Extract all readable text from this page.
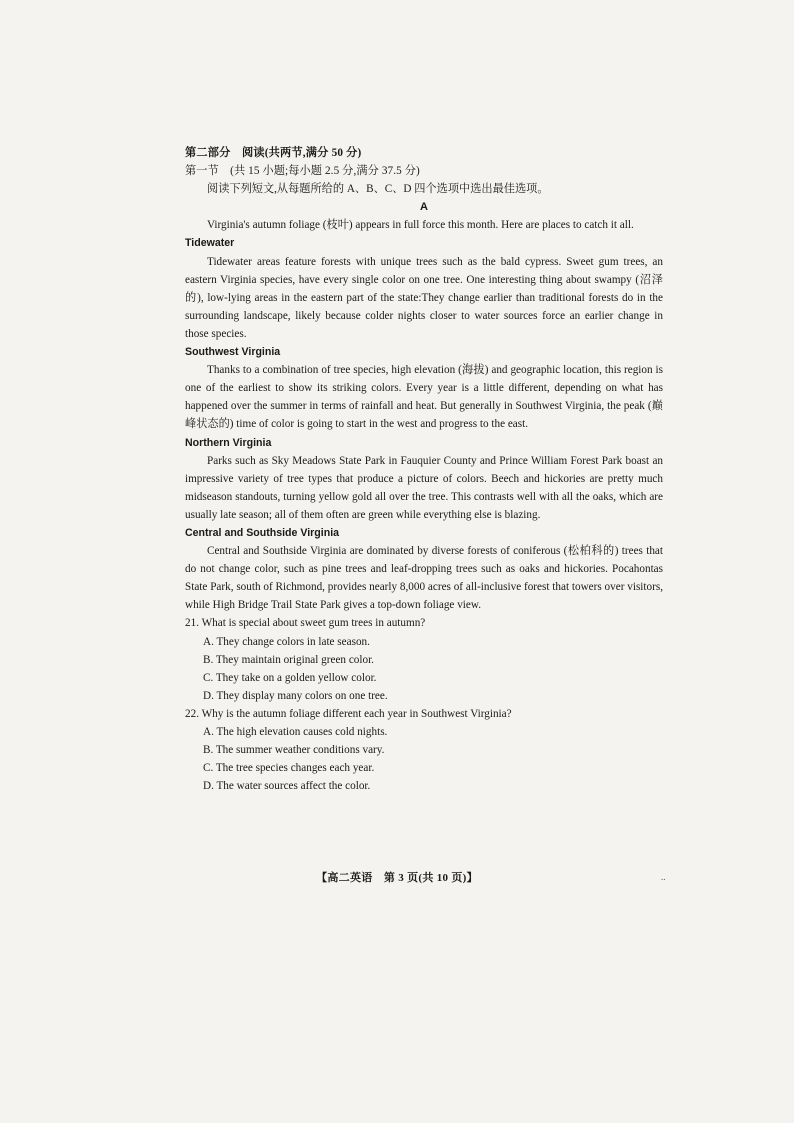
第二部分　阅读(共两节,满分 50 分)
第一节　(共 15 小题;每小题 2.5 分,满分 37.5 分)
阅读下列短文,从每题所给的 A、B、C、D 四个选项中选出最佳选项。
A

Virginia's autumn foliage (枝叶) appears in full force this month. Here are places to catch it all.

Tidewater

Tidewater areas feature forests with unique trees such as the bald cypress. Sweet gum trees, an eastern Virginia species, have every single color on one tree. One interesting thing about swampy (沼泽的), low-lying areas in the eastern part of the state:They change earlier than traditional forests do in the surrounding landscape, likely because colder nights closer to water sources force an earlier change in those species.

Southwest Virginia

Thanks to a combination of tree species, high elevation (海拔) and geographic location, this region is one of the earliest to show its striking colors. Every year is a little different, depending on what has happened over the summer in terms of rainfall and heat. But generally in Southwest Virginia, the peak (巅峰状态的) time of color is going to start in the west and progress to the east.

Northern Virginia

Parks such as Sky Meadows State Park in Fauquier County and Prince William Forest Park boast an impressive variety of tree types that produce a picture of colors. Beech and hickories are pretty much midseason standouts, turning yellow gold all over the tree. This contrasts well with all the oaks, which are usually late season; all of them often are green while everything else is blazing.

Central and Southside Virginia

Central and Southside Virginia are dominated by diverse forests of coniferous (松柏科的) trees that do not change color, such as pine trees and leaf-dropping trees such as oaks and hickories. Pocahontas State Park, south of Richmond, provides nearly 8,000 acres of all-inclusive forest that towers over visitors, while High Bridge Trail State Park gives a top-down foliage view.

21. What is special about sweet gum trees in autumn?
A. They change colors in late season.
B. They maintain original green color.
C. They take on a golden yellow color.
D. They display many colors on one tree.
22. Why is the autumn foliage different each year in Southwest Virginia?
A. The high elevation causes cold nights.
B. The summer weather conditions vary.
C. The tree species changes each year.
D. The water sources affect the color.
【高二英语　第 3 页(共 10 页)】	..
